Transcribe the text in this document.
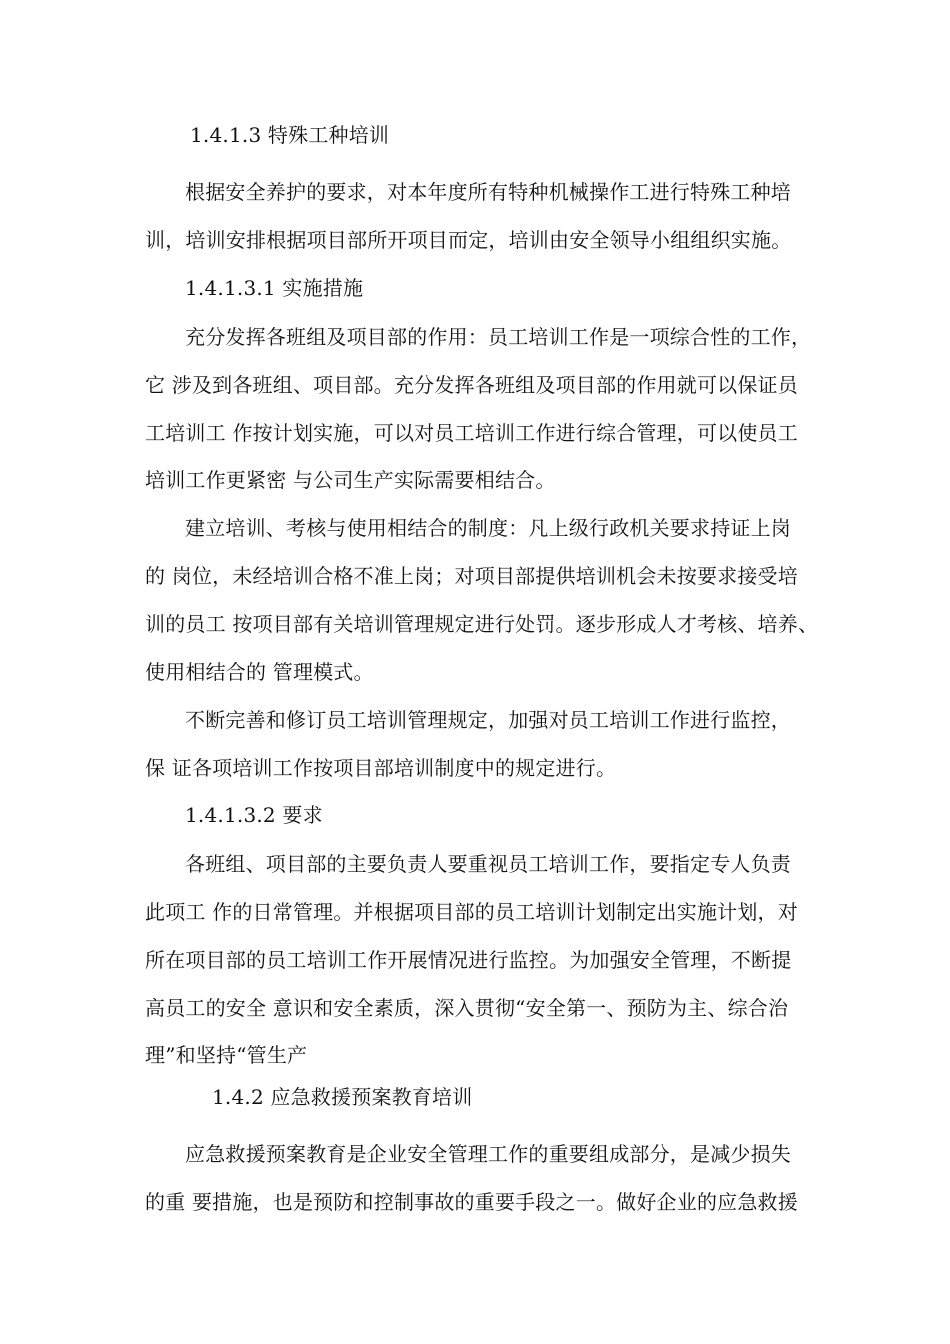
1.4.1.3 特殊工种培训
根据安全养护的要求，对本年度所有特种机械操作工进行特殊工种培
训，培训安排根据项目部所开项目而定，培训由安全领导小组组织实施。
1.4.1.3.1 实施措施
充分发挥各班组及项目部的作用：员工培训工作是一项综合性的工作，
它 涉及到各班组、项目部。充分发挥各班组及项目部的作用就可以保证员
工培训工 作按计划实施，可以对员工培训工作进行综合管理，可以使员工
培训工作更紧密 与公司生产实际需要相结合。
建立培训、考核与使用相结合的制度：凡上级行政机关要求持证上岗
的 岗位，未经培训合格不准上岗；对项目部提供培训机会未按要求接受培
训的员工 按项目部有关培训管理规定进行处罚。逐步形成人才考核、培养、
使用相结合的 管理模式。
不断完善和修订员工培训管理规定，加强对员工培训工作进行监控，
保 证各项培训工作按项目部培训制度中的规定进行。
1.4.1.3.2 要求
各班组、项目部的主要负责人要重视员工培训工作，要指定专人负责
此项工 作的日常管理。并根据项目部的员工培训计划制定出实施计划，对
所在项目部的员工培训工作开展情况进行监控。为加强安全管理，不断提
高员工的安全 意识和安全素质，深入贯彻“安全第一、预防为主、综合治
理”和坚持“管生产
1.4.2 应急救援预案教育培训
应急救援预案教育是企业安全管理工作的重要组成部分，是减少损失
的重 要措施，也是预防和控制事故的重要手段之一。做好企业的应急救援
